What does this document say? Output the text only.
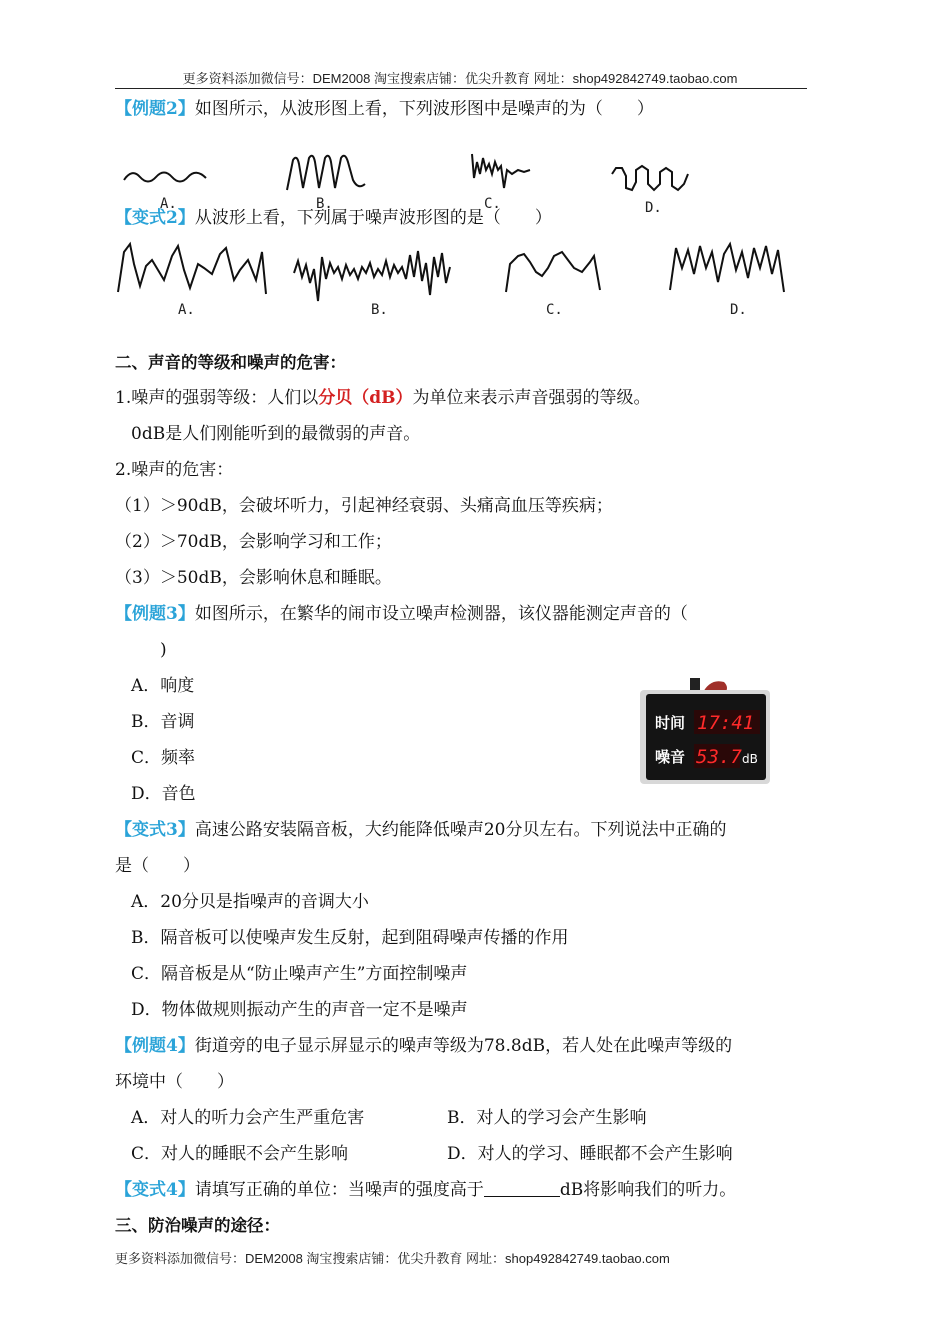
更多资料添加微信号：DEM2008 淘宝搜索店铺：优尖升教育 网址：shop492842749.taobao.com
【例题2】如图所示，从波形图上看，下列波形图中是噪声的为（　　）
A.	B.	C.	D.
【变式2】从波形上看，下列属于噪声波形图的是（　　）
A.	B.	C.	D.
二、声音的等级和噪声的危害：
1.噪声的强弱等级：人们以分贝（dB）为单位来表示声音强弱的等级。
0dB是人们刚能听到的最微弱的声音。
2.噪声的危害：
（1）＞90dB，会破坏听力，引起神经衰弱、头痛高血压等疾病；
（2）＞70dB，会影响学习和工作；
（3）＞50dB，会影响休息和睡眠。
【例题3】如图所示，在繁华的闹市设立噪声检测器，该仪器能测定声音的（
)
A．响度
B．音调
C．频率
D．音色
时间 17:41
噪音 53.7 dB
【变式3】高速公路安装隔音板，大约能降低噪声20分贝左右。下列说法中正确的
是（　　）
A．20分贝是指噪声的音调大小
B．隔音板可以使噪声发生反射，起到阻碍噪声传播的作用
C．隔音板是从“防止噪声产生”方面控制噪声
D．物体做规则振动产生的声音一定不是噪声
【例题4】街道旁的电子显示屏显示的噪声等级为78.8dB，若人处在此噪声等级的
环境中（　　）
A．对人的听力会产生严重危害	B．对人的学习会产生影响
C．对人的睡眠不会产生影响	D．对人的学习、睡眠都不会产生影响
【变式4】请填写正确的单位：当噪声的强度高于	dB将影响我们的听力。
三、防治噪声的途径：
更多资料添加微信号：DEM2008 淘宝搜索店铺：优尖升教育 网址：shop492842749.taobao.com
